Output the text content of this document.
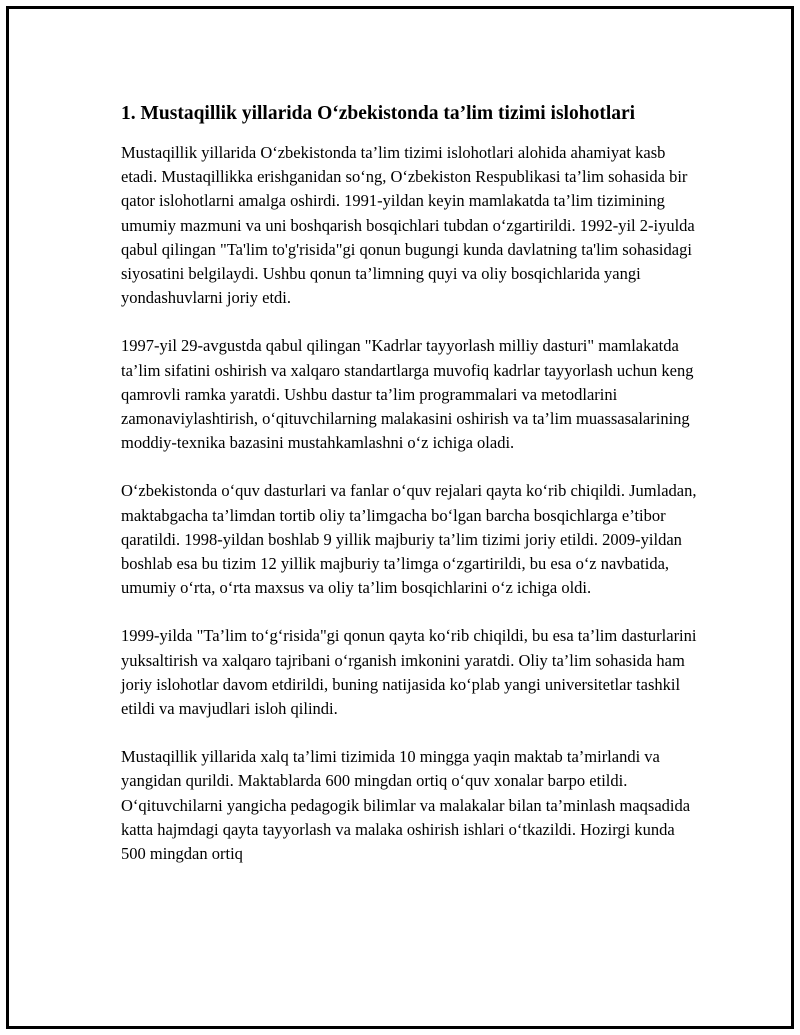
1. Mustaqillik yillarida O‘zbekistonda ta’lim tizimi islohotlari

Mustaqillik yillarida O‘zbekistonda ta’lim tizimi islohotlari alohida ahamiyat kasb etadi. Mustaqillikka erishganidan so‘ng, O‘zbekiston Respublikasi ta’lim sohasida bir qator islohotlarni amalga oshirdi. 1991-yildan keyin mamlakatda ta’lim tizimining umumiy mazmuni va uni boshqarish bosqichlari tubdan o‘zgartirildi. 1992-yil 2-iyulda qabul qilingan "Ta'lim to'g'risida"gi qonun bugungi kunda davlatning ta'lim sohasidagi siyosatini belgilaydi. Ushbu qonun ta’limning quyi va oliy bosqichlarida yangi yondashuvlarni joriy etdi.

1997-yil 29-avgustda qabul qilingan "Kadrlar tayyorlash milliy dasturi" mamlakatda ta’lim sifatini oshirish va xalqaro standartlarga muvofiq kadrlar tayyorlash uchun keng qamrovli ramka yaratdi. Ushbu dastur ta’lim programmalari va metodlarini zamonaviylashtirish, o‘qituvchilarning malakasini oshirish va ta’lim muassasalarining moddiy-texnika bazasini mustahkamlashni o‘z ichiga oladi.

O‘zbekistonda o‘quv dasturlari va fanlar o‘quv rejalari qayta ko‘rib chiqildi. Jumladan, maktabgacha ta’limdan tortib oliy ta’limgacha bo‘lgan barcha bosqichlarga e’tibor qaratildi. 1998-yildan boshlab 9 yillik majburiy ta’lim tizimi joriy etildi. 2009-yildan boshlab esa bu tizim 12 yillik majburiy ta’limga o‘zgartirildi, bu esa o‘z navbatida, umumiy o‘rta, o‘rta maxsus va oliy ta’lim bosqichlarini o‘z ichiga oldi.

1999-yilda "Ta’lim to‘g‘risida"gi qonun qayta ko‘rib chiqildi, bu esa ta’lim dasturlarini yuksaltirish va xalqaro tajribani o‘rganish imkonini yaratdi. Oliy ta’lim sohasida ham joriy islohotlar davom etdirildi, buning natijasida ko‘plab yangi universitetlar tashkil etildi va mavjudlari isloh qilindi.

Mustaqillik yillarida xalq ta’limi tizimida 10 mingga yaqin maktab ta’mirlandi va yangidan qurildi. Maktablarda 600 mingdan ortiq o‘quv xonalar barpo etildi. O‘qituvchilarni yangicha pedagogik bilimlar va malakalar bilan ta’minlash maqsadida katta hajmdagi qayta tayyorlash va malaka oshirish ishlari o‘tkazildi. Hozirgi kunda 500 mingdan ortiq
